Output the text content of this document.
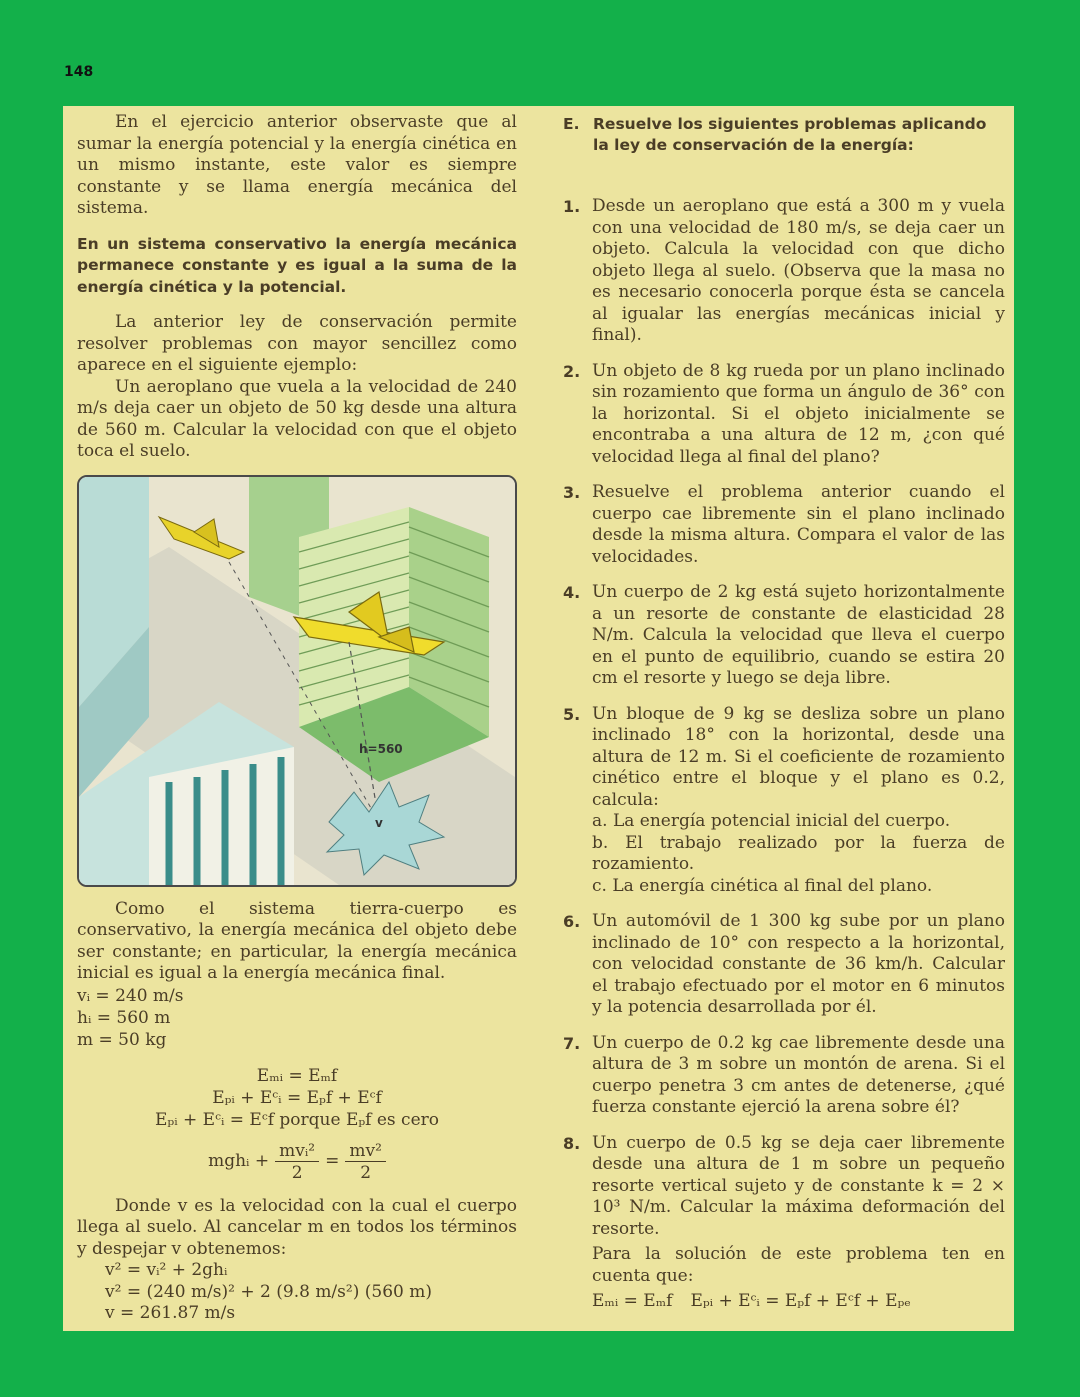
148

En el ejercicio anterior observaste que al sumar la energía potencial y la energía cinética en un mismo instante, este valor es siempre constante y se llama energía mecánica del sistema.

En un sistema conservativo la energía mecánica permanece constante y es igual a la suma de la energía cinética y la potencial.

La anterior ley de conservación permite resolver problemas con mayor sencillez como aparece en el siguiente ejemplo:

Un aeroplano que vuela a la velocidad de 240 m/s deja caer un objeto de 50 kg desde una altura de 560 m. Calcular la velocidad con que el objeto toca el suelo.

h=560
v

Como el sistema tierra-cuerpo es conservativo, la energía mecánica del objeto debe ser constante; en particular, la energía mecánica inicial es igual a la energía mecánica final.

vᵢ = 240 m/s
hᵢ = 560 m
m = 50 kg
Eₘᵢ = Eₘf
Eₚᵢ + Eᶜᵢ = Eₚf + Eᶜf
Eₚᵢ + Eᶜᵢ = Eᶜf porque Eₚf es cero
mghᵢ + $\frac{\text{mvᵢ²}}{2} = \frac{\text{mv²}}{2}$

Donde v es la velocidad con la cual el cuerpo llega al suelo. Al cancelar m en todos los términos y despejar v obtenemos:

v² = vᵢ² + 2ghᵢ
v² = (240 m/s)² + 2 (9.8 m/s²) (560 m)
v = 261.87 m/s
E. Resuelve los siguientes problemas aplicando la ley de conservación de la energía:
1. Desde un aeroplano que está a 300 m y vuela con una velocidad de 180 m/s, se deja caer un objeto. Calcula la velocidad con que dicho objeto llega al suelo. (Observa que la masa no es necesario conocerla porque ésta se cancela al igualar las energías mecánicas inicial y final).
2. Un objeto de 8 kg rueda por un plano inclinado sin rozamiento que forma un ángulo de 36° con la horizontal. Si el objeto inicialmente se encontraba a una altura de 12 m, ¿con qué velocidad llega al final del plano?
3. Resuelve el problema anterior cuando el cuerpo cae libremente sin el plano inclinado desde la misma altura. Compara el valor de las velocidades.
4. Un cuerpo de 2 kg está sujeto horizontalmente a un resorte de constante de elasticidad 28 N/m. Calcula la velocidad que lleva el cuerpo en el punto de equilibrio, cuando se estira 20 cm el resorte y luego se deja libre.
5. Un bloque de 9 kg se desliza sobre un plano inclinado 18° con la horizontal, desde una altura de 12 m. Si el coeficiente de rozamiento cinético entre el bloque y el plano es 0.2, calcula:
a. La energía potencial inicial del cuerpo.
b. El trabajo realizado por la fuerza de rozamiento.
c. La energía cinética al final del plano.
6. Un automóvil de 1 300 kg sube por un plano inclinado de 10° con respecto a la horizontal, con velocidad constante de 36 km/h. Calcular el trabajo efectuado por el motor en 6 minutos y la potencia desarrollada por él.
7. Un cuerpo de 0.2 kg cae libremente desde una altura de 3 m sobre un montón de arena. Si el cuerpo penetra 3 cm antes de detenerse, ¿qué fuerza constante ejerció la arena sobre él?
8. Un cuerpo de 0.5 kg se deja caer libremente desde una altura de 1 m sobre un pequeño resorte vertical sujeto y de constante k = 2 × 10³ N/m. Calcular la máxima deformación del resorte.

Para la solución de este problema ten en cuenta que:

Eₘᵢ = Eₘf Eₚᵢ + Eᶜᵢ = Eₚf + Eᶜf + Eₚₑ
